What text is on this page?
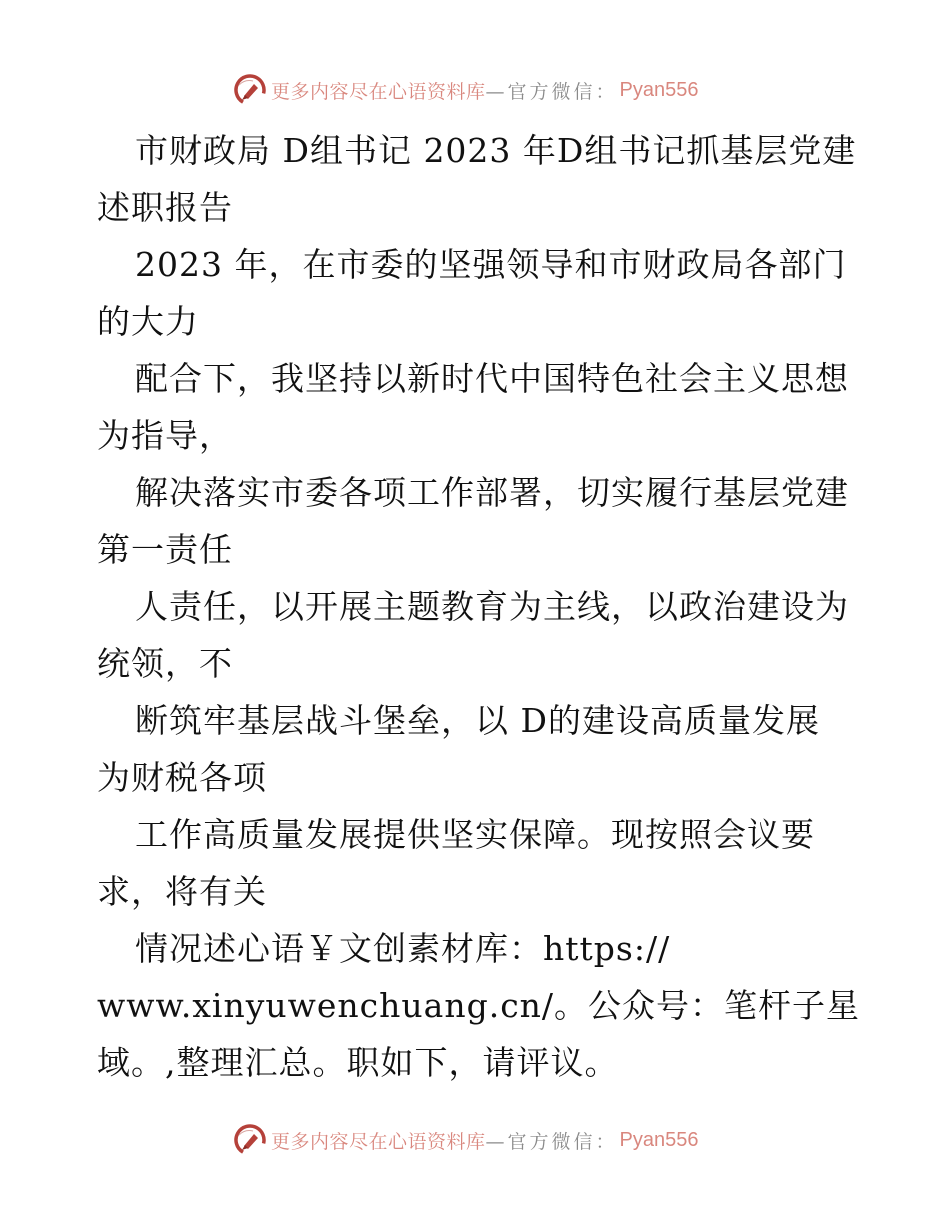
更多内容尽在心语资料库 —官方微信： Pyan556
市财政局 D组书记 2023 年D组书记抓基层党建
述职报告
2023 年，在市委的坚强领导和市财政局各部门
的大力
配合下，我坚持以新时代中国特色社会主义思想
为指导，
解决落实市委各项工作部署，切实履行基层党建
第一责任
人责任，以开展主题教育为主线，以政治建设为
统领，不
断筑牢基层战斗堡垒，以 D的建设高质量发展
为财税各项
工作高质量发展提供坚实保障。现按照会议要
求，将有关
情况述心语￥文创素材库：https://
www.xinyuwenchuang.cn/。公众号：笔杆子星
域。,整理汇总。职如下，请评议。
更多内容尽在心语资料库 —官方微信： Pyan556
